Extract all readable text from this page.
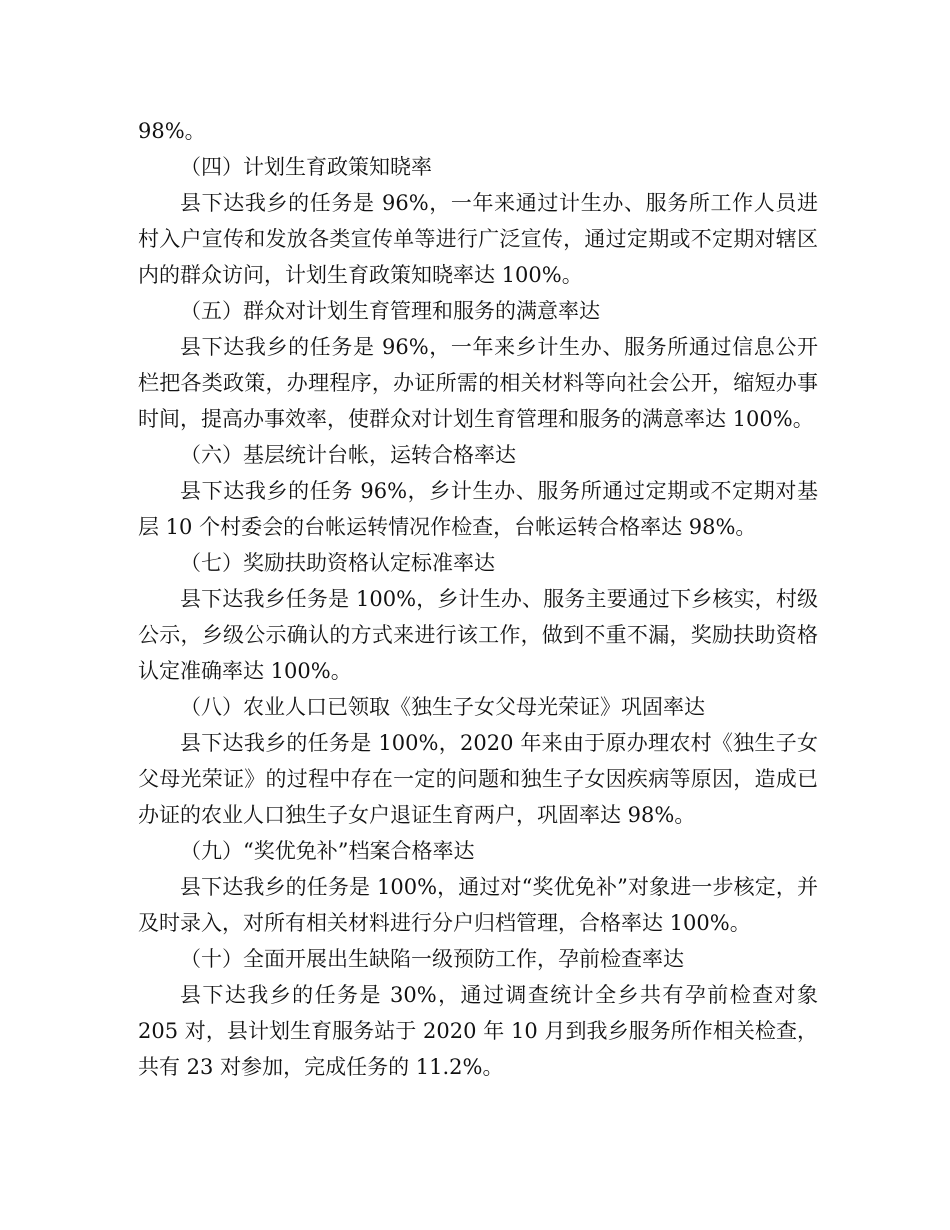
98%。

（四）计划生育政策知晓率

县下达我乡的任务是 96%，一年来通过计生办、服务所工作人员进村入户宣传和发放各类宣传单等进行广泛宣传，通过定期或不定期对辖区内的群众访问，计划生育政策知晓率达 100%。

（五）群众对计划生育管理和服务的满意率达

县下达我乡的任务是 96%，一年来乡计生办、服务所通过信息公开栏把各类政策，办理程序，办证所需的相关材料等向社会公开，缩短办事时间，提高办事效率，使群众对计划生育管理和服务的满意率达 100%。

（六）基层统计台帐，运转合格率达

县下达我乡的任务 96%，乡计生办、服务所通过定期或不定期对基层 10 个村委会的台帐运转情况作检查，台帐运转合格率达 98%。

（七）奖励扶助资格认定标准率达

县下达我乡任务是 100%，乡计生办、服务主要通过下乡核实，村级公示，乡级公示确认的方式来进行该工作，做到不重不漏，奖励扶助资格认定准确率达 100%。

（八）农业人口已领取《独生子女父母光荣证》巩固率达

县下达我乡的任务是 100%，2020 年来由于原办理农村《独生子女父母光荣证》的过程中存在一定的问题和独生子女因疾病等原因，造成已办证的农业人口独生子女户退证生育两户，巩固率达 98%。

（九）“奖优免补”档案合格率达

县下达我乡的任务是 100%，通过对“奖优免补”对象进一步核定，并及时录入，对所有相关材料进行分户归档管理，合格率达 100%。

（十）全面开展出生缺陷一级预防工作，孕前检查率达

县下达我乡的任务是 30%，通过调查统计全乡共有孕前检查对象 205 对，县计划生育服务站于 2020 年 10 月到我乡服务所作相关检查，共有 23 对参加，完成任务的 11.2%。
